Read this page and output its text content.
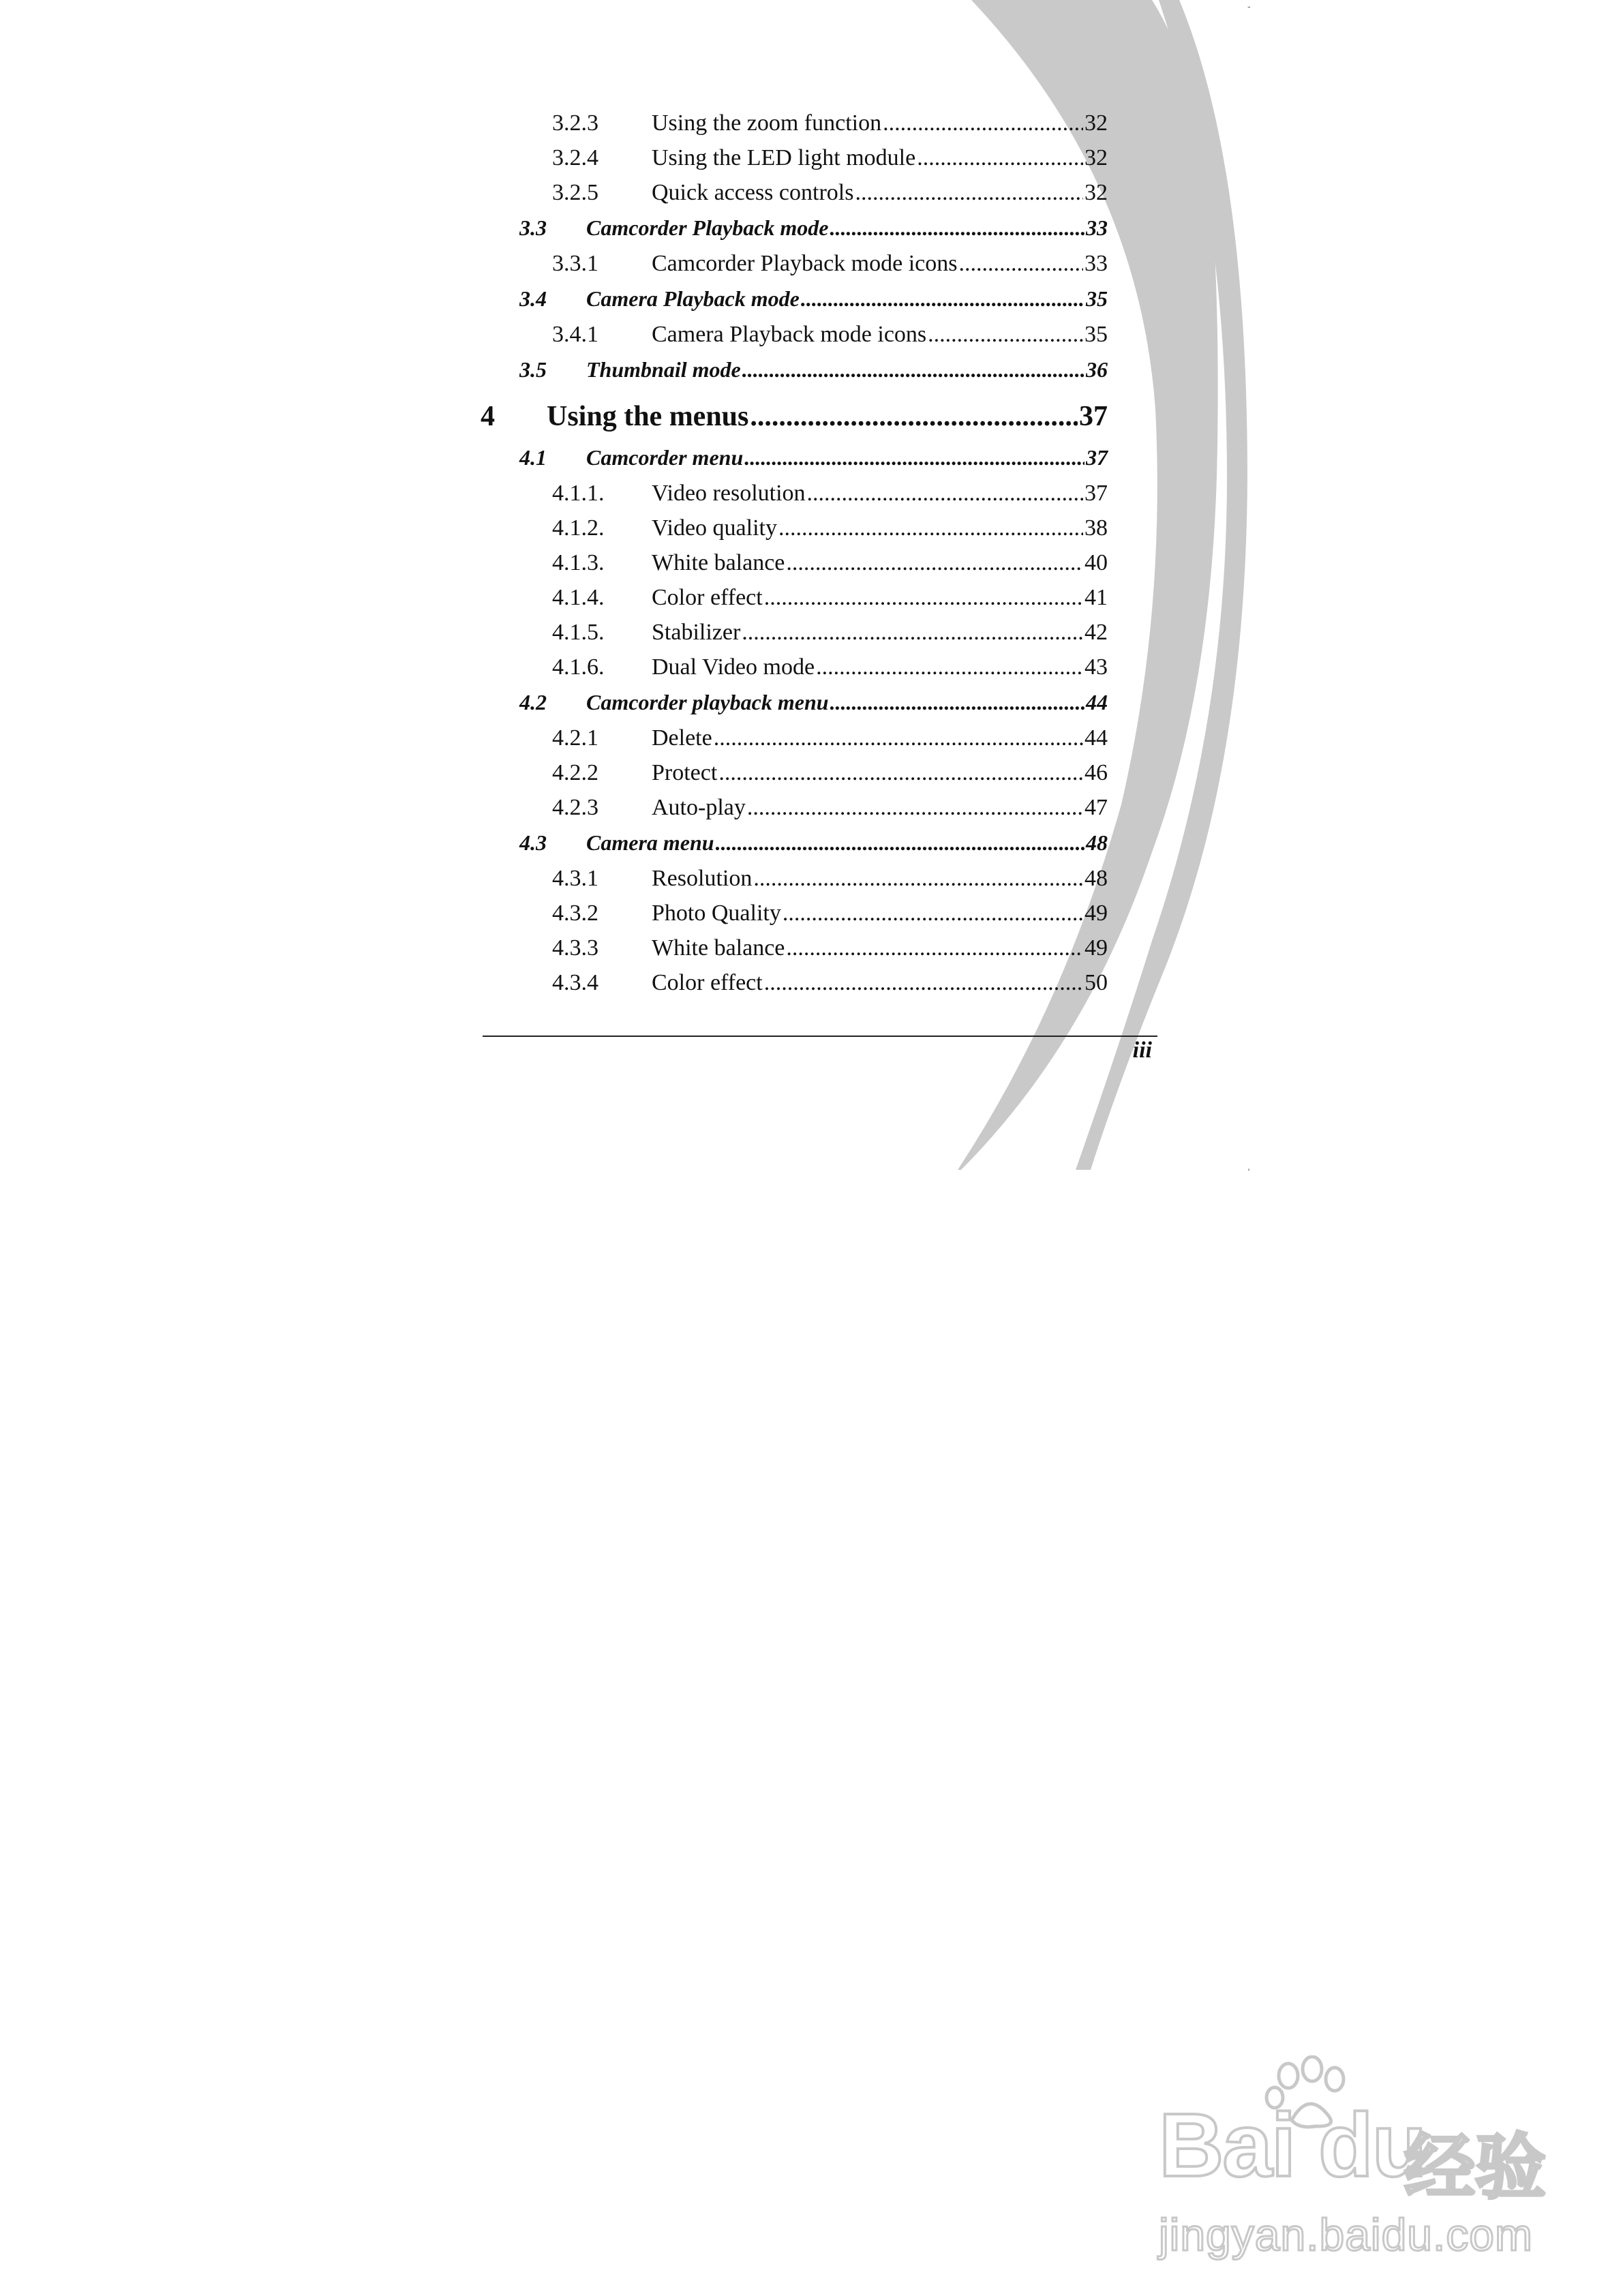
-
,
3.2.3	Using the zoom function .....	32
3.2.4	Using the LED light module .....	32
3.2.5	Quick access controls .....	32
3.3	Camcorder Playback mode .....	33
3.3.1	Camcorder Playback mode icons .....	33
3.4	Camera Playback mode .....	35
3.4.1	Camera Playback mode icons .....	35
3.5	Thumbnail mode .....	36
4	Using the menus .....	37
4.1	Camcorder menu .....	37
4.1.1.	Video resolution .....	37
4.1.2.	Video quality .....	38
4.1.3.	White balance .....	40
4.1.4.	Color effect .....	41
4.1.5.	Stabilizer .....	42
4.1.6.	Dual Video mode .....	43
4.2	Camcorder playback menu .....	44
4.2.1	Delete .....	44
4.2.2	Protect .....	46
4.2.3	Auto-play .....	47
4.3	Camera menu .....	48
4.3.1	Resolution .....	48
4.3.2	Photo Quality .....	49
4.3.3	White balance .....	49
4.3.4	Color effect .....	50
iii
Bai du
经验
jingyan.baidu.com
